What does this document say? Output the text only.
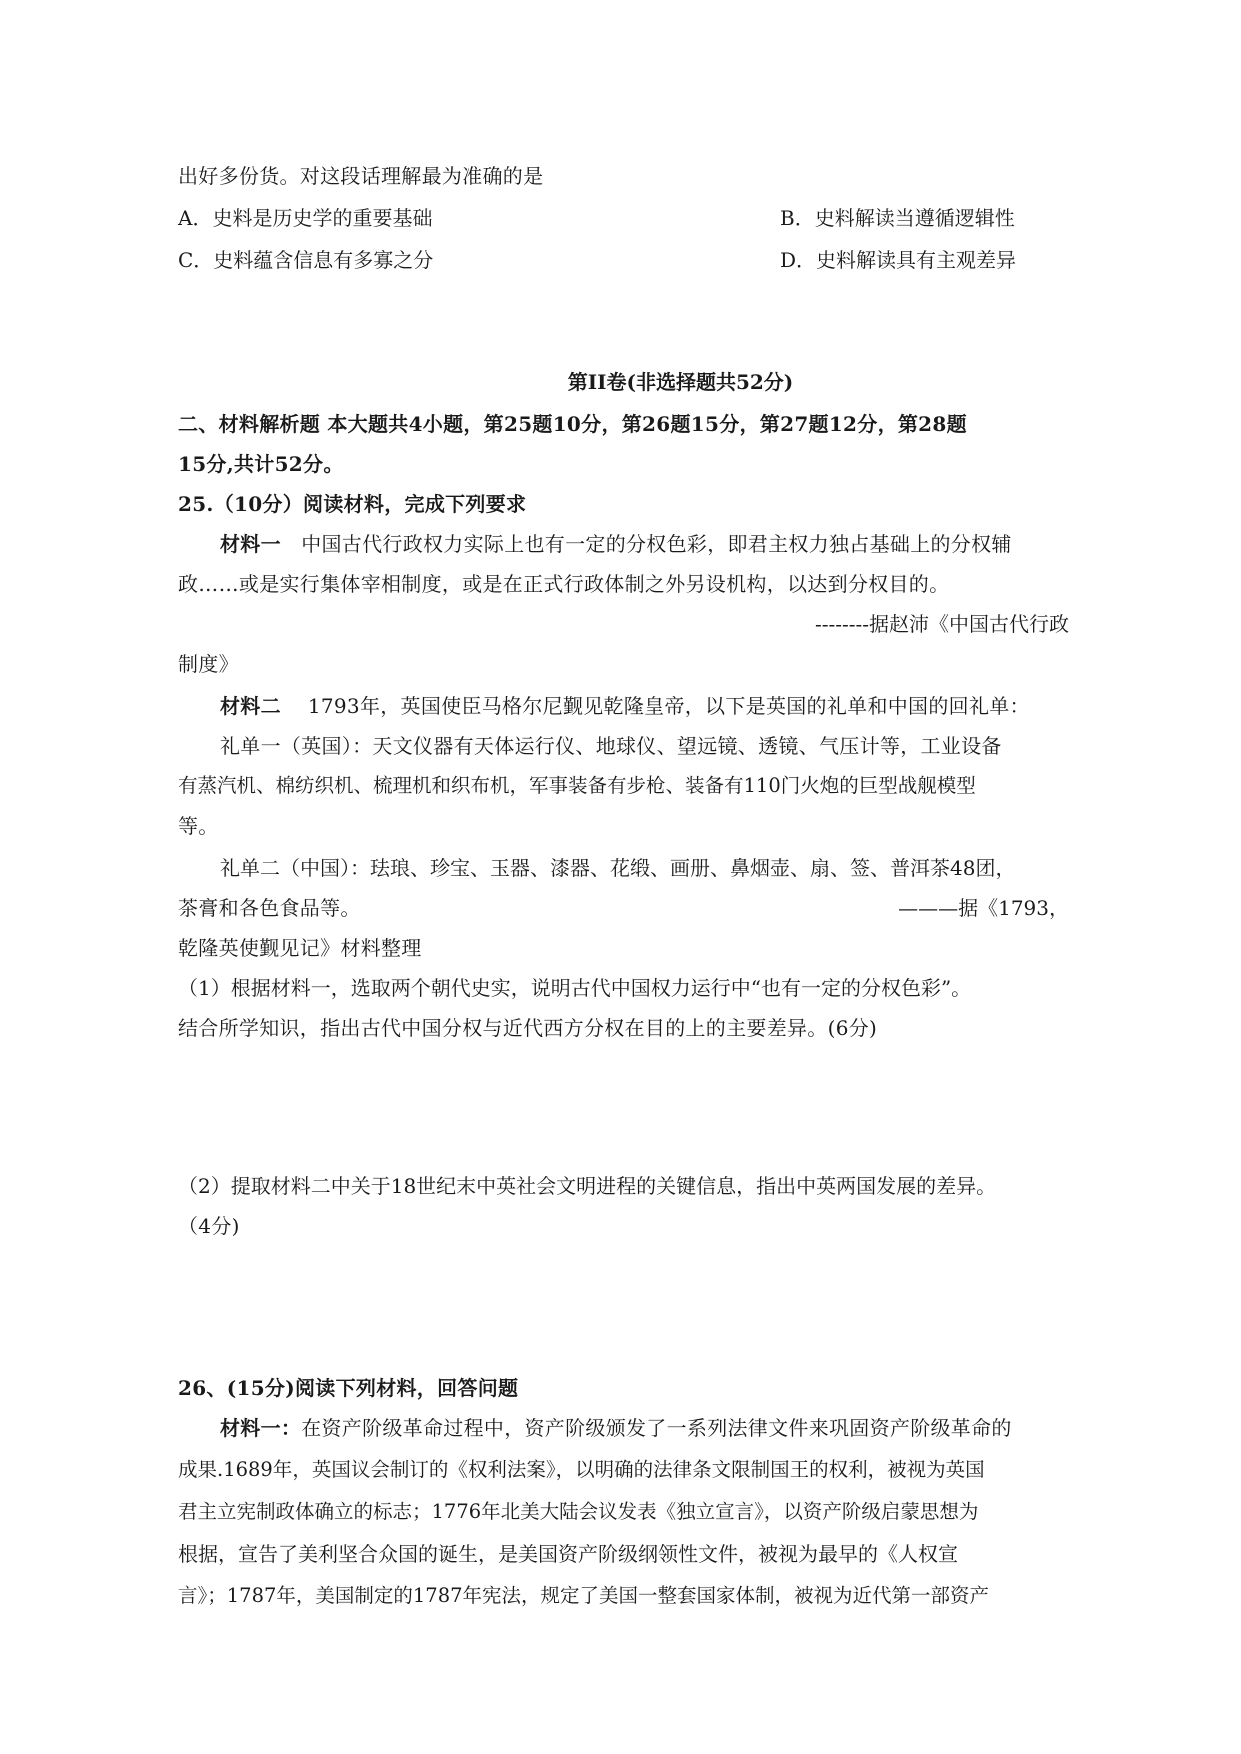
出好多份货。对这段话理解最为准确的是
A．史料是历史学的重要基础	B．史料解读当遵循逻辑性
C．史料蕴含信息有多寡之分	D．史料解读具有主观差异
第II卷(非选择题共52分)
二、材料解析题 本大题共4小题，第25题10分，第26题15分，第27题12分，第28题
15分,共计52分。
25.（10分）阅读材料，完成下列要求
材料一　中国古代行政权力实际上也有一定的分权色彩，即君主权力独占基础上的分权辅
政……或是实行集体宰相制度，或是在正式行政体制之外另设机构，以达到分权目的。
--------据赵沛《中国古代行政
制度》
材料二　 1793年，英国使臣马格尔尼觐见乾隆皇帝，以下是英国的礼单和中国的回礼单：
礼单一（英国）：天文仪器有天体运行仪、地球仪、望远镜、透镜、气压计等，工业设备
有蒸汽机、棉纺织机、梳理机和织布机，军事装备有步枪、装备有110门火炮的巨型战舰模型
等。
礼单二（中国）：珐琅、珍宝、玉器、漆器、花缎、画册、鼻烟壶、扇、签、普洱茶48团，
茶膏和各色食品等。	———据《1793，
乾隆英使觐见记》材料整理
（1）根据材料一，选取两个朝代史实，说明古代中国权力运行中“也有一定的分权色彩”。
结合所学知识，指出古代中国分权与近代西方分权在目的上的主要差异。(6分)
（2）提取材料二中关于18世纪末中英社会文明进程的关键信息，指出中英两国发展的差异。
（4分)
26、(15分)阅读下列材料，回答问题
材料一：在资产阶级革命过程中，资产阶级颁发了一系列法律文件来巩固资产阶级革命的
成果.1689年，英国议会制订的《权利法案》，以明确的法律条文限制国王的权利，被视为英国
君主立宪制政体确立的标志；1776年北美大陆会议发表《独立宣言》，以资产阶级启蒙思想为
根据，宣告了美利坚合众国的诞生，是美国资产阶级纲领性文件，被视为最早的《人权宣
言》；1787年，美国制定的1787年宪法，规定了美国一整套国家体制，被视为近代第一部资产
